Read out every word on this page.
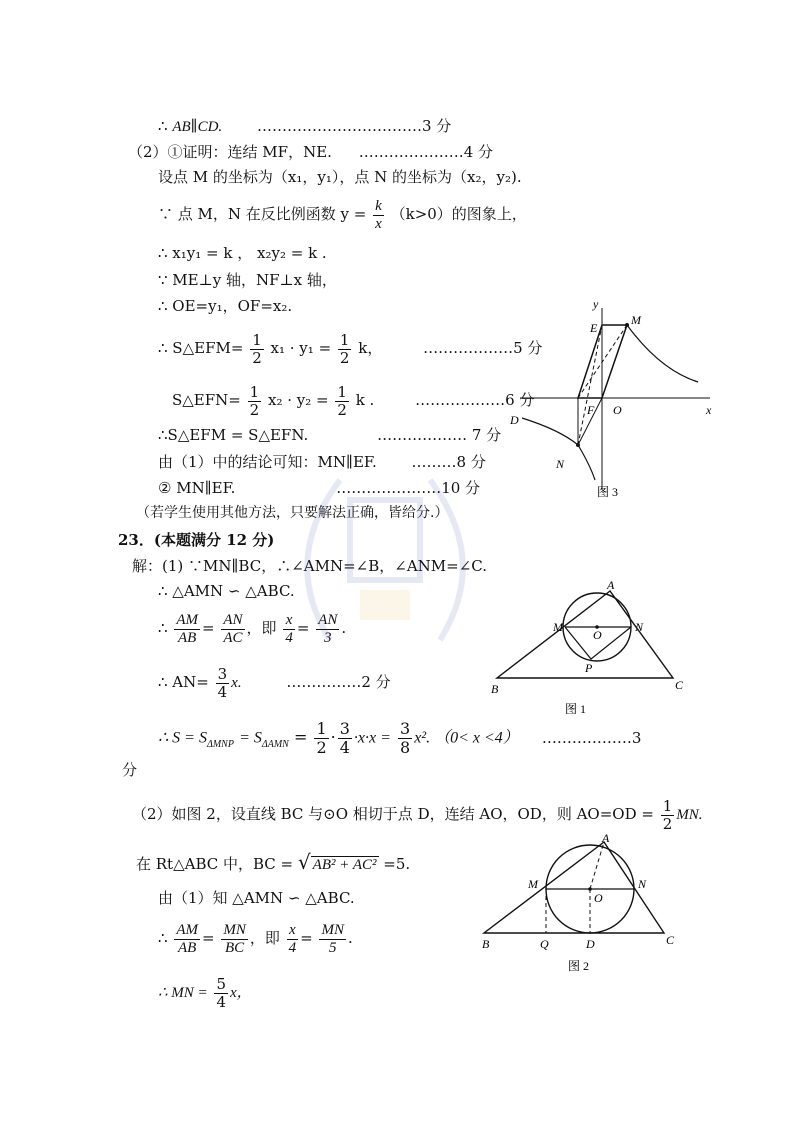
∴ AB∥CD. ……………………………3 分
（2）①证明：连结 MF，NE. …………………4 分
设点 M 的坐标为（x₁，y₁），点 N 的坐标为（x₂，y₂).
∵ 点 M，N 在反比例函数 $y = \frac{k}{x} (k>0)$的图象上，
∴ x₁y₁ = k ， x₂y₂ = k .
∵ ME⊥y 轴，NF⊥x 轴，
∴ OE=y₁，OF=x₂.
∴ S△EFM= $\frac{1}{2} x_1 \cdot y_1 = \frac{1}{2}$ k，	………………5 分
S△EFN= $\frac{1}{2} x_2 \cdot y_2 = \frac{1}{2}$ k .	………………6 分
∴S△EFM = S△EFN.	……………… 7 分
由（1）中的结论可知：MN∥EF. ………8 分
② MN∥EF.	…………………10 分
（若学生使用其他方法，只要解法正确，皆给分.）
23．(本题满分 12 分)
解：(1) ∵MN∥BC，∴∠AMN=∠B，∠ANM=∠C.
∴ △AMN ∽ △ABC.
∴ $\frac{AM}{AB} = \frac{AN}{AC}$ ，即 $\frac{x}{4} = \frac{AN}{3}$ .
∴ $AN= \frac{3}{4} x$.	……………2 分
∴ $S = S_{\Delta MNP} = S_{\Delta AMN} = \frac{1}{2} \cdot \frac{3}{4} \cdot x\cdot x = \frac{3}{8} x^2$. （0< x <4） ………………3
分
（2）如图 2，设直线 BC 与⊙O 相切于点 D，连结 AO，OD，则 $AO=OD = \frac{1}{2}$ MN.
在 Rt△ABC 中，BC = √ AB² + AC² =5.
由（1）知 △AMN ∽ △ABC.
∴ $\frac{AM}{AB} = \frac{MN}{BC}$ ，即 $\frac{x}{4} = \frac{MN}{5}$ .
∴ MN = $\frac{5}{4}$ x，
y
x
E
M
F O
D
N
图 3
A
M
O
N
P
B	C
图 1
A
M
O
N
B	Q	D	C
图 2
